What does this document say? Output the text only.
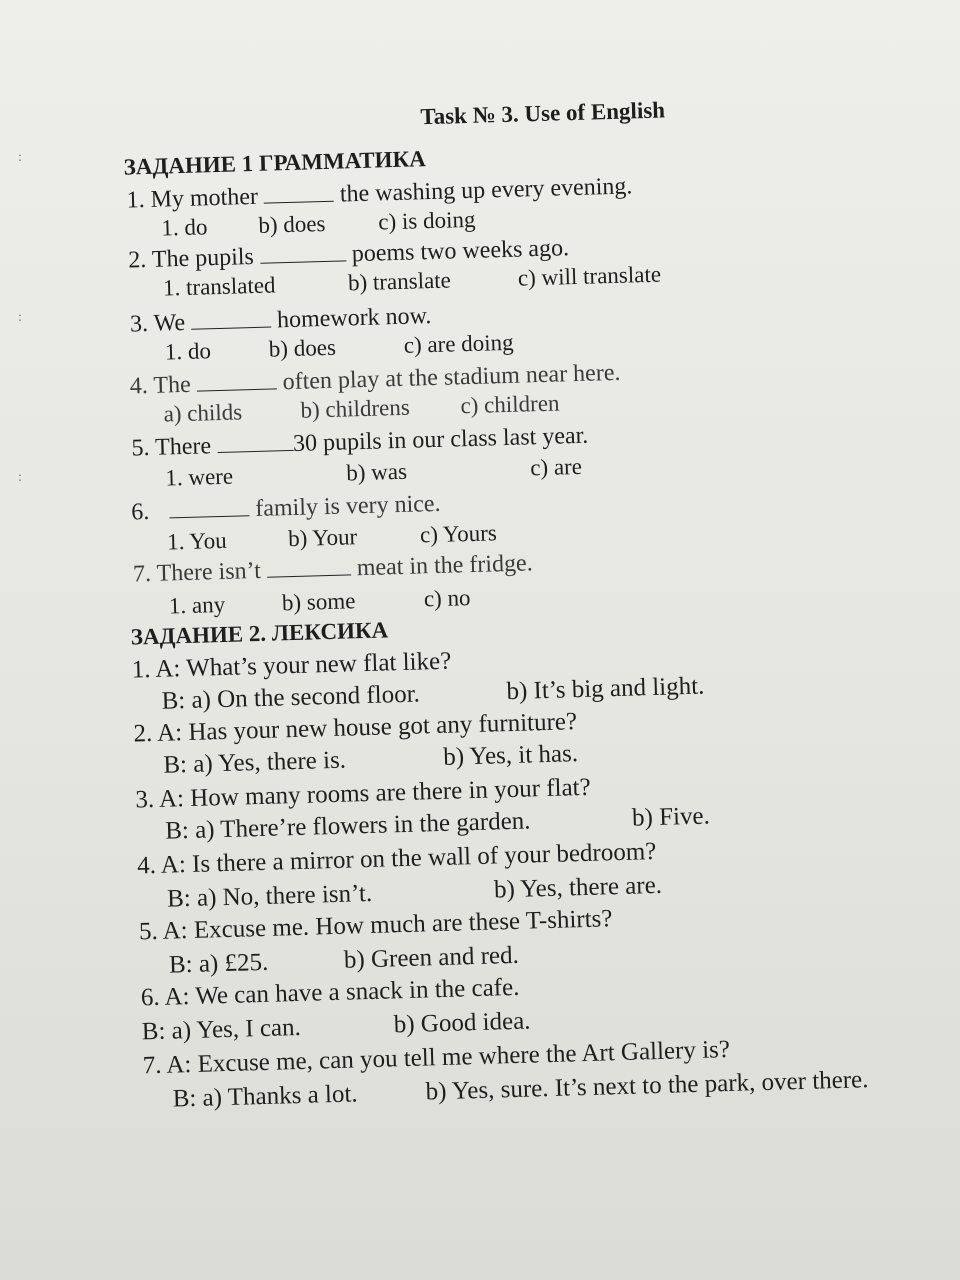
:
:
:
Task № 3. Use of English
ЗАДАНИЕ 1 ГРАММАТИКА
1. My mother	the washing up every evening.
1. do b) does c) is doing
2. The pupils	poems two weeks ago.
1. translated	b) translate	c) will translate
3. We	homework now.
1. do b) does	c) are doing
4. The	often play at the stadium near here.
a) childs	b) childrens c) children
5. There	30 pupils in our class last year.
1. were	b) was	c) are
6.	family is very nice.
1. You	b) Your	c) Yours
7. There isn’t	meat in the fridge.
1. any b) some	c) no
ЗАДАНИЕ 2. ЛЕКСИКА
1. A: What’s your new flat like?
B: a) On the second floor.	b) It’s big and light.
2. A: Has your new house got any furniture?
B: a) Yes, there is.	b) Yes, it has.
3. A: How many rooms are there in your flat?
B: a) There’re flowers in the garden.	b) Five.
4. A: Is there a mirror on the wall of your bedroom?
B: a) No, there isn’t.	b) Yes, there are.
5. A: Excuse me. How much are these T-shirts?
B: a) £25.	b) Green and red.
6. A: We can have a snack in the cafe.
B: a) Yes, I can.	b) Good idea.
7. A: Excuse me, can you tell me where the Art Gallery is?
B: a) Thanks a lot.	b) Yes, sure. It’s next to the park, over there.
